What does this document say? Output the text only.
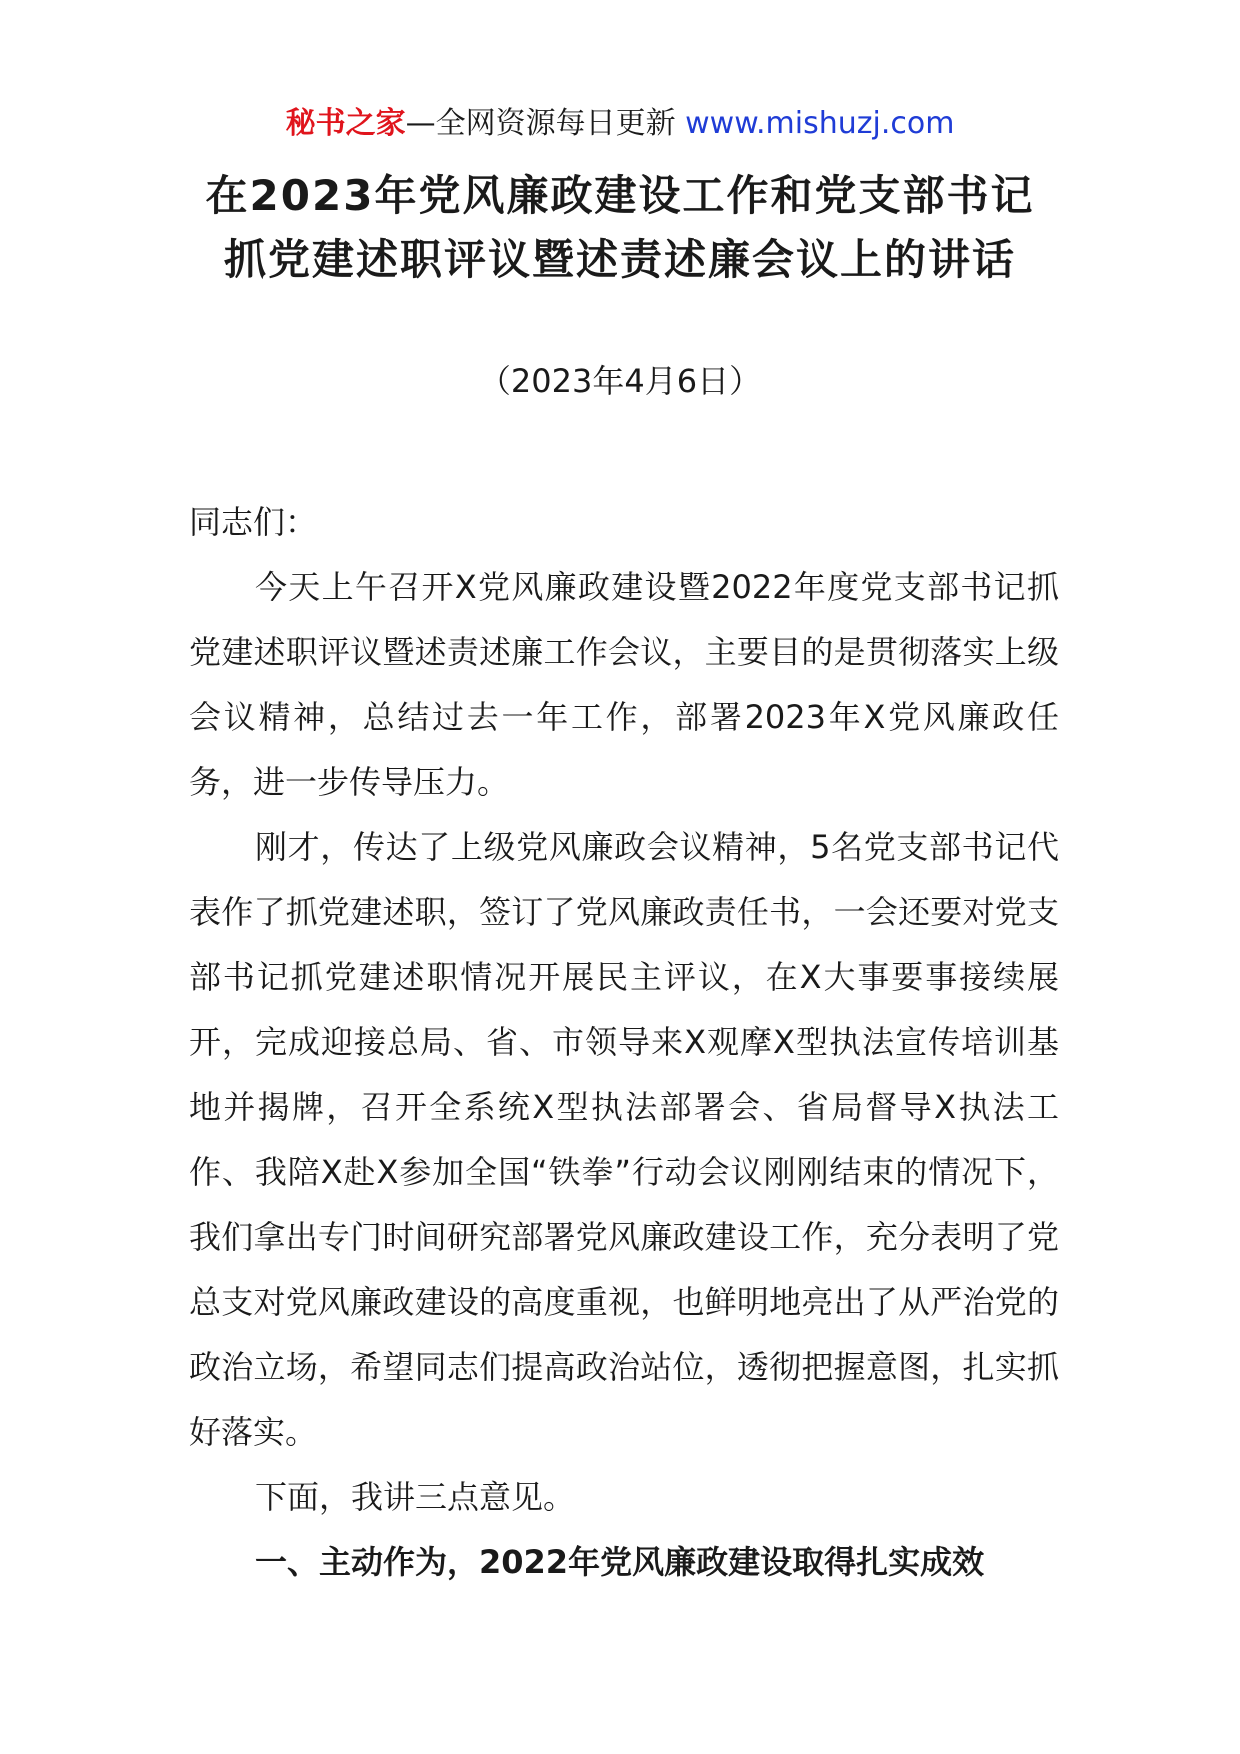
秘书之家—全网资源每日更新 www.mishuzj.com
在2023年党风廉政建设工作和党支部书记
抓党建述职评议暨述责述廉会议上的讲话
（2023年4月6日）

同志们：

今天上午召开X党风廉政建设暨2022年度党支部书记抓党建述职评议暨述责述廉工作会议，主要目的是贯彻落实上级会议精神，总结过去一年工作，部署2023年X党风廉政任务，进一步传导压力。

刚才，传达了上级党风廉政会议精神，5名党支部书记代表作了抓党建述职，签订了党风廉政责任书，一会还要对党支部书记抓党建述职情况开展民主评议，在X大事要事接续展开，完成迎接总局、省、市领导来X观摩X型执法宣传培训基地并揭牌，召开全系统X型执法部署会、省局督导X执法工作、我陪X赴X参加全国“铁拳”行动会议刚刚结束的情况下，我们拿出专门时间研究部署党风廉政建设工作，充分表明了党总支对党风廉政建设的高度重视，也鲜明地亮出了从严治党的政治立场，希望同志们提高政治站位，透彻把握意图，扎实抓好落实。

下面，我讲三点意见。

一、主动作为，2022年党风廉政建设取得扎实成效
